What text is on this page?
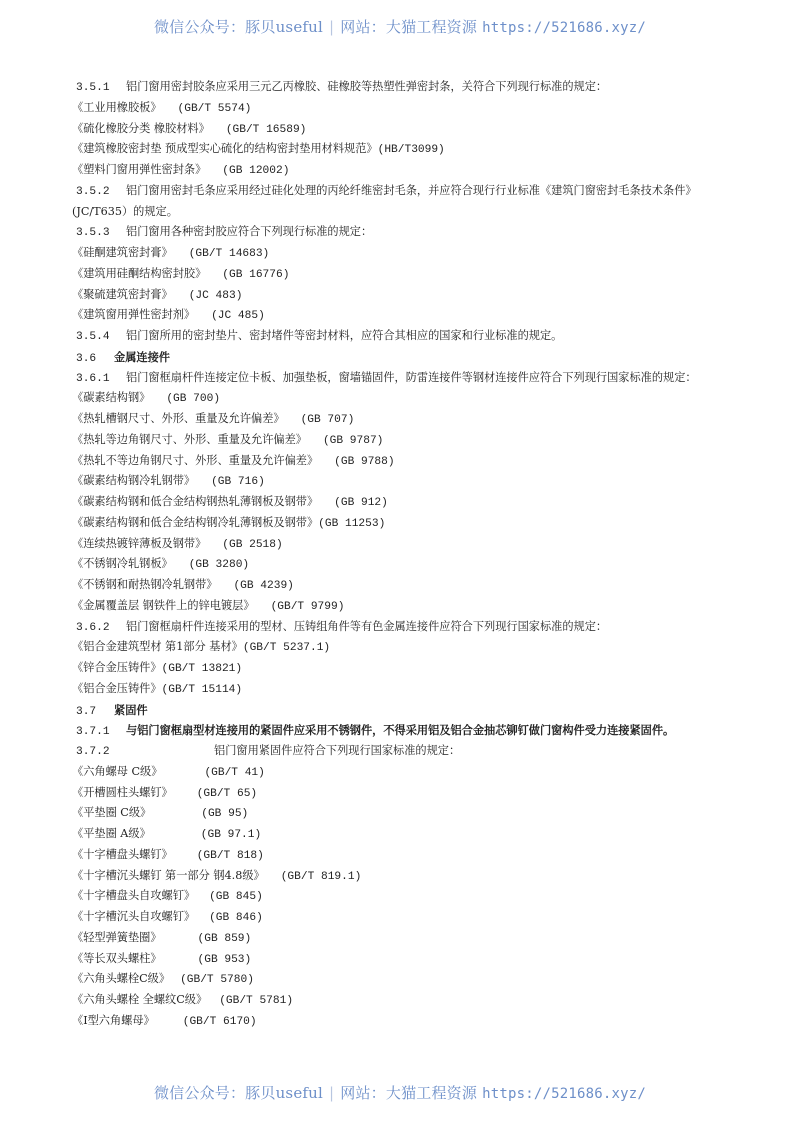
微信公众号：豚贝useful | 网站：大猫工程资源 https://521686.xyz/
3.5.1 铝门窗用密封胶条应采用三元乙丙橡胶、硅橡胶等热塑性弹密封条，关符合下列现行标准的规定：
《工业用橡胶板》 (GB/T 5574)
《硫化橡胶分类 橡胶材料》 (GB/T 16589)
《建筑橡胶密封垫 预成型实心硫化的结构密封垫用材料规范》(HB/T3099)
《塑料门窗用弹性密封条》 (GB 12002)
3.5.2 铝门窗用密封毛条应采用经过硅化处理的丙纶纤维密封毛条，并应符合现行行业标准《建筑门窗密封毛条技术条件》
(JC/T635）的规定。
3.5.3 铝门窗用各种密封胶应符合下列现行标准的规定：
《硅酮建筑密封膏》 (GB/T 14683)
《建筑用硅酮结构密封胶》 (GB 16776)
《聚硫建筑密封膏》 (JC 483)
《建筑窗用弹性密封剂》 (JC 485)
3.5.4 铝门窗所用的密封垫片、密封堵件等密封材料，应符合其相应的国家和行业标准的规定。
3.6 金属连接件
3.6.1 铝门窗框扇杆件连接定位卡板、加强垫板，窗墙锚固件，防雷连接件等钢材连接件应符合下列现行国家标准的规定：
《碳素结构钢》 (GB 700)
《热轧槽钢尺寸、外形、重量及允许偏差》 (GB 707)
《热轧等边角钢尺寸、外形、重量及允许偏差》 (GB 9787)
《热轧不等边角钢尺寸、外形、重量及允许偏差》 (GB 9788)
《碳素结构钢冷轧钢带》 (GB 716)
《碳素结构钢和低合金结构钢热轧薄钢板及钢带》 (GB 912)
《碳素结构钢和低合金结构钢冷轧薄钢板及钢带》(GB 11253)
《连续热镀锌薄板及钢带》 (GB 2518)
《不锈钢冷轧钢板》 (GB 3280)
《不锈钢和耐热钢冷轧钢带》 (GB 4239)
《金属覆盖层 钢铁件上的锌电镀层》 (GB/T 9799)
3.6.2 铝门窗框扇杆件连接采用的型材、压铸组角件等有色金属连接件应符合下列现行国家标准的规定：
《铝合金建筑型材 第1部分 基材》(GB/T 5237.1)
《锌合金压铸件》(GB/T 13821)
《铝合金压铸件》(GB/T 15114)
3.7 紧固件
3.7.1 与铝门窗框扇型材连接用的紧固件应采用不锈钢件，不得采用铝及铝合金抽芯铆钉做门窗构件受力连接紧固件。
3.7.2	铝门窗用紧固件应符合下列现行国家标准的规定：
《六角螺母 C级》	(GB/T 41)
《开槽圆柱头螺钉》 (GB/T 65)
《平垫圈 C级》	(GB 95)
《平垫圈 A级》	(GB 97.1)
《十字槽盘头螺钉》 (GB/T 818)
《十字槽沉头螺钉 第一部分 钢4.8级》 (GB/T 819.1)
《十字槽盘头自攻螺钉》 (GB 845)
《十字槽沉头自攻螺钉》 (GB 846)
《轻型弹簧垫圈》	(GB 859)
《等长双头螺柱》	(GB 953)
《六角头螺栓C级》 (GB/T 5780)
《六角头螺栓 全螺纹C级》 (GB/T 5781)
《I型六角螺母》	(GB/T 6170)
微信公众号：豚贝useful | 网站：大猫工程资源 https://521686.xyz/
